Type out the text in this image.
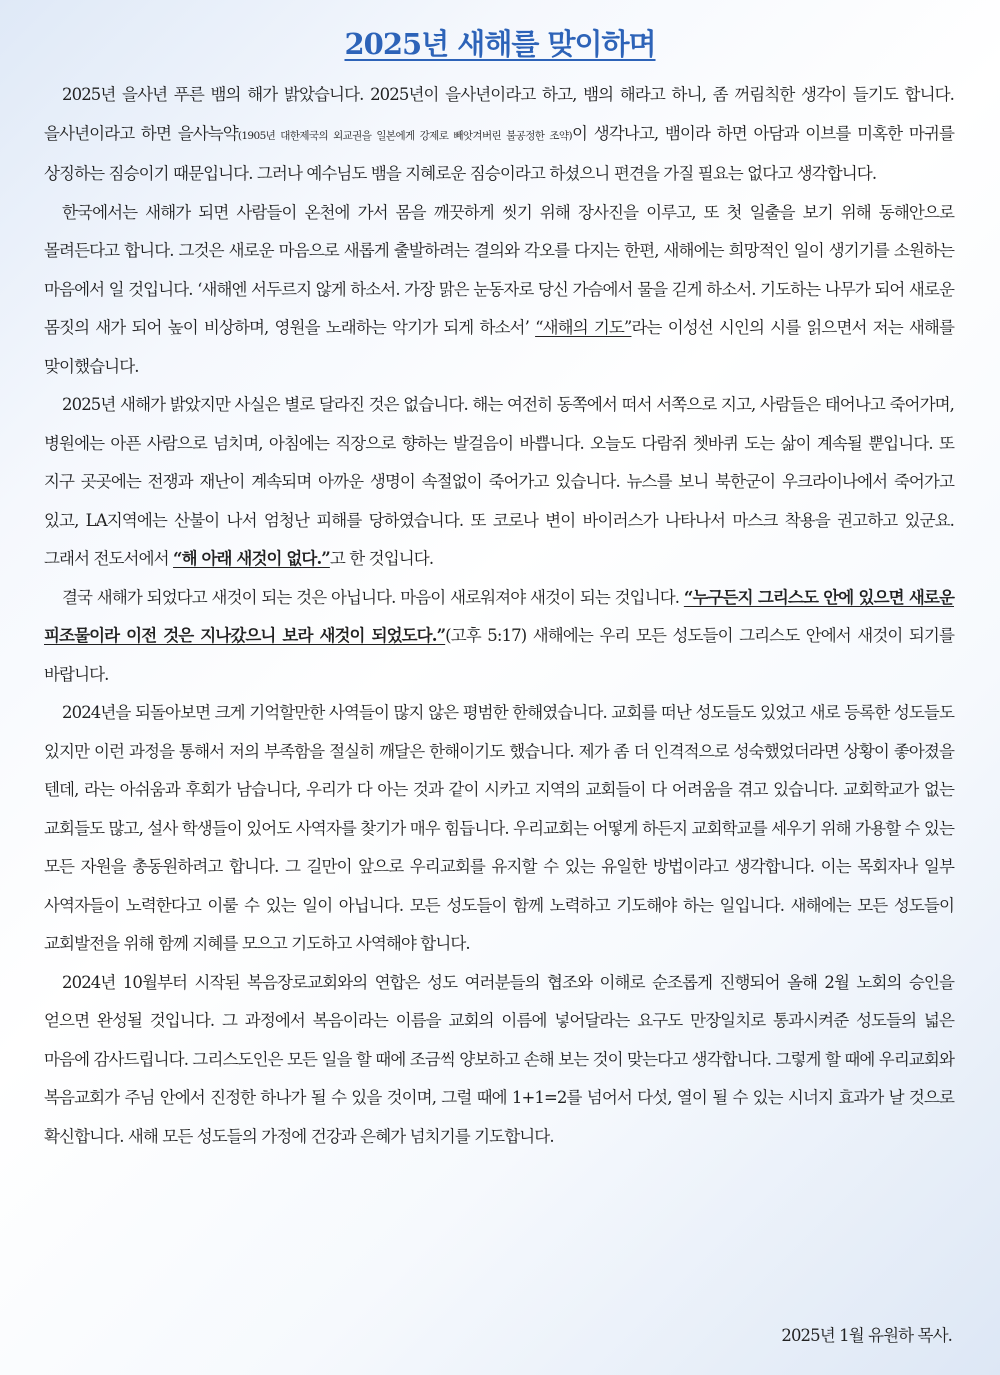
2025년 새해를 맞이하며

2025년 을사년 푸른 뱀의 해가 밝았습니다. 2025년이 을사년이라고 하고, 뱀의 해라고 하니, 좀 꺼림칙한 생각이 들기도 합니다. 을사년이라고 하면 을사늑약(1905년 대한제국의 외교권을 일본에게 강제로 빼앗겨버린 불공정한 조약)이 생각나고, 뱀이라 하면 아담과 이브를 미혹한 마귀를 상징하는 짐승이기 때문입니다. 그러나 예수님도 뱀을 지혜로운 짐승이라고 하셨으니 편견을 가질 필요는 없다고 생각합니다.

한국에서는 새해가 되면 사람들이 온천에 가서 몸을 깨끗하게 씻기 위해 장사진을 이루고, 또 첫 일출을 보기 위해 동해안으로 몰려든다고 합니다. 그것은 새로운 마음으로 새롭게 출발하려는 결의와 각오를 다지는 한편, 새해에는 희망적인 일이 생기기를 소원하는 마음에서 일 것입니다. ‘새해엔 서두르지 않게 하소서. 가장 맑은 눈동자로 당신 가슴에서 물을 긷게 하소서. 기도하는 나무가 되어 새로운 몸짓의 새가 되어 높이 비상하며, 영원을 노래하는 악기가 되게 하소서’ “새해의 기도”라는 이성선 시인의 시를 읽으면서 저는 새해를 맞이했습니다.

2025년 새해가 밝았지만 사실은 별로 달라진 것은 없습니다. 해는 여전히 동쪽에서 떠서 서쪽으로 지고, 사람들은 태어나고 죽어가며, 병원에는 아픈 사람으로 넘치며, 아침에는 직장으로 향하는 발걸음이 바쁩니다. 오늘도 다람쥐 쳇바퀴 도는 삶이 계속될 뿐입니다. 또 지구 곳곳에는 전쟁과 재난이 계속되며 아까운 생명이 속절없이 죽어가고 있습니다. 뉴스를 보니 북한군이 우크라이나에서 죽어가고 있고, LA지역에는 산불이 나서 엄청난 피해를 당하였습니다. 또 코로나 변이 바이러스가 나타나서 마스크 착용을 권고하고 있군요. 그래서 전도서에서 “해 아래 새것이 없다.”고 한 것입니다.

결국 새해가 되었다고 새것이 되는 것은 아닙니다. 마음이 새로워져야 새것이 되는 것입니다. “누구든지 그리스도 안에 있으면 새로운 피조물이라 이전 것은 지나갔으니 보라 새것이 되었도다.”(고후 5:17) 새해에는 우리 모든 성도들이 그리스도 안에서 새것이 되기를 바랍니다.

2024년을 되돌아보면 크게 기억할만한 사역들이 많지 않은 평범한 한해였습니다. 교회를 떠난 성도들도 있었고 새로 등록한 성도들도 있지만 이런 과정을 통해서 저의 부족함을 절실히 깨달은 한해이기도 했습니다. 제가 좀 더 인격적으로 성숙했었더라면 상황이 좋아졌을 텐데, 라는 아쉬움과 후회가 남습니다, 우리가 다 아는 것과 같이 시카고 지역의 교회들이 다 어려움을 겪고 있습니다. 교회학교가 없는 교회들도 많고, 설사 학생들이 있어도 사역자를 찾기가 매우 힘듭니다. 우리교회는 어떻게 하든지 교회학교를 세우기 위해 가용할 수 있는 모든 자원을 총동원하려고 합니다. 그 길만이 앞으로 우리교회를 유지할 수 있는 유일한 방법이라고 생각합니다. 이는 목회자나 일부 사역자들이 노력한다고 이룰 수 있는 일이 아닙니다. 모든 성도들이 함께 노력하고 기도해야 하는 일입니다. 새해에는 모든 성도들이 교회발전을 위해 함께 지혜를 모으고 기도하고 사역해야 합니다.

2024년 10월부터 시작된 복음장로교회와의 연합은 성도 여러분들의 협조와 이해로 순조롭게 진행되어 올해 2월 노회의 승인을 얻으면 완성될 것입니다. 그 과정에서 복음이라는 이름을 교회의 이름에 넣어달라는 요구도 만장일치로 통과시켜준 성도들의 넓은 마음에 감사드립니다. 그리스도인은 모든 일을 할 때에 조금씩 양보하고 손해 보는 것이 맞는다고 생각합니다. 그렇게 할 때에 우리교회와 복음교회가 주님 안에서 진정한 하나가 될 수 있을 것이며, 그럴 때에 1+1=2를 넘어서 다섯, 열이 될 수 있는 시너지 효과가 날 것으로 확신합니다. 새해 모든 성도들의 가정에 건강과 은혜가 넘치기를 기도합니다.

2025년 1월 유원하 목사.
